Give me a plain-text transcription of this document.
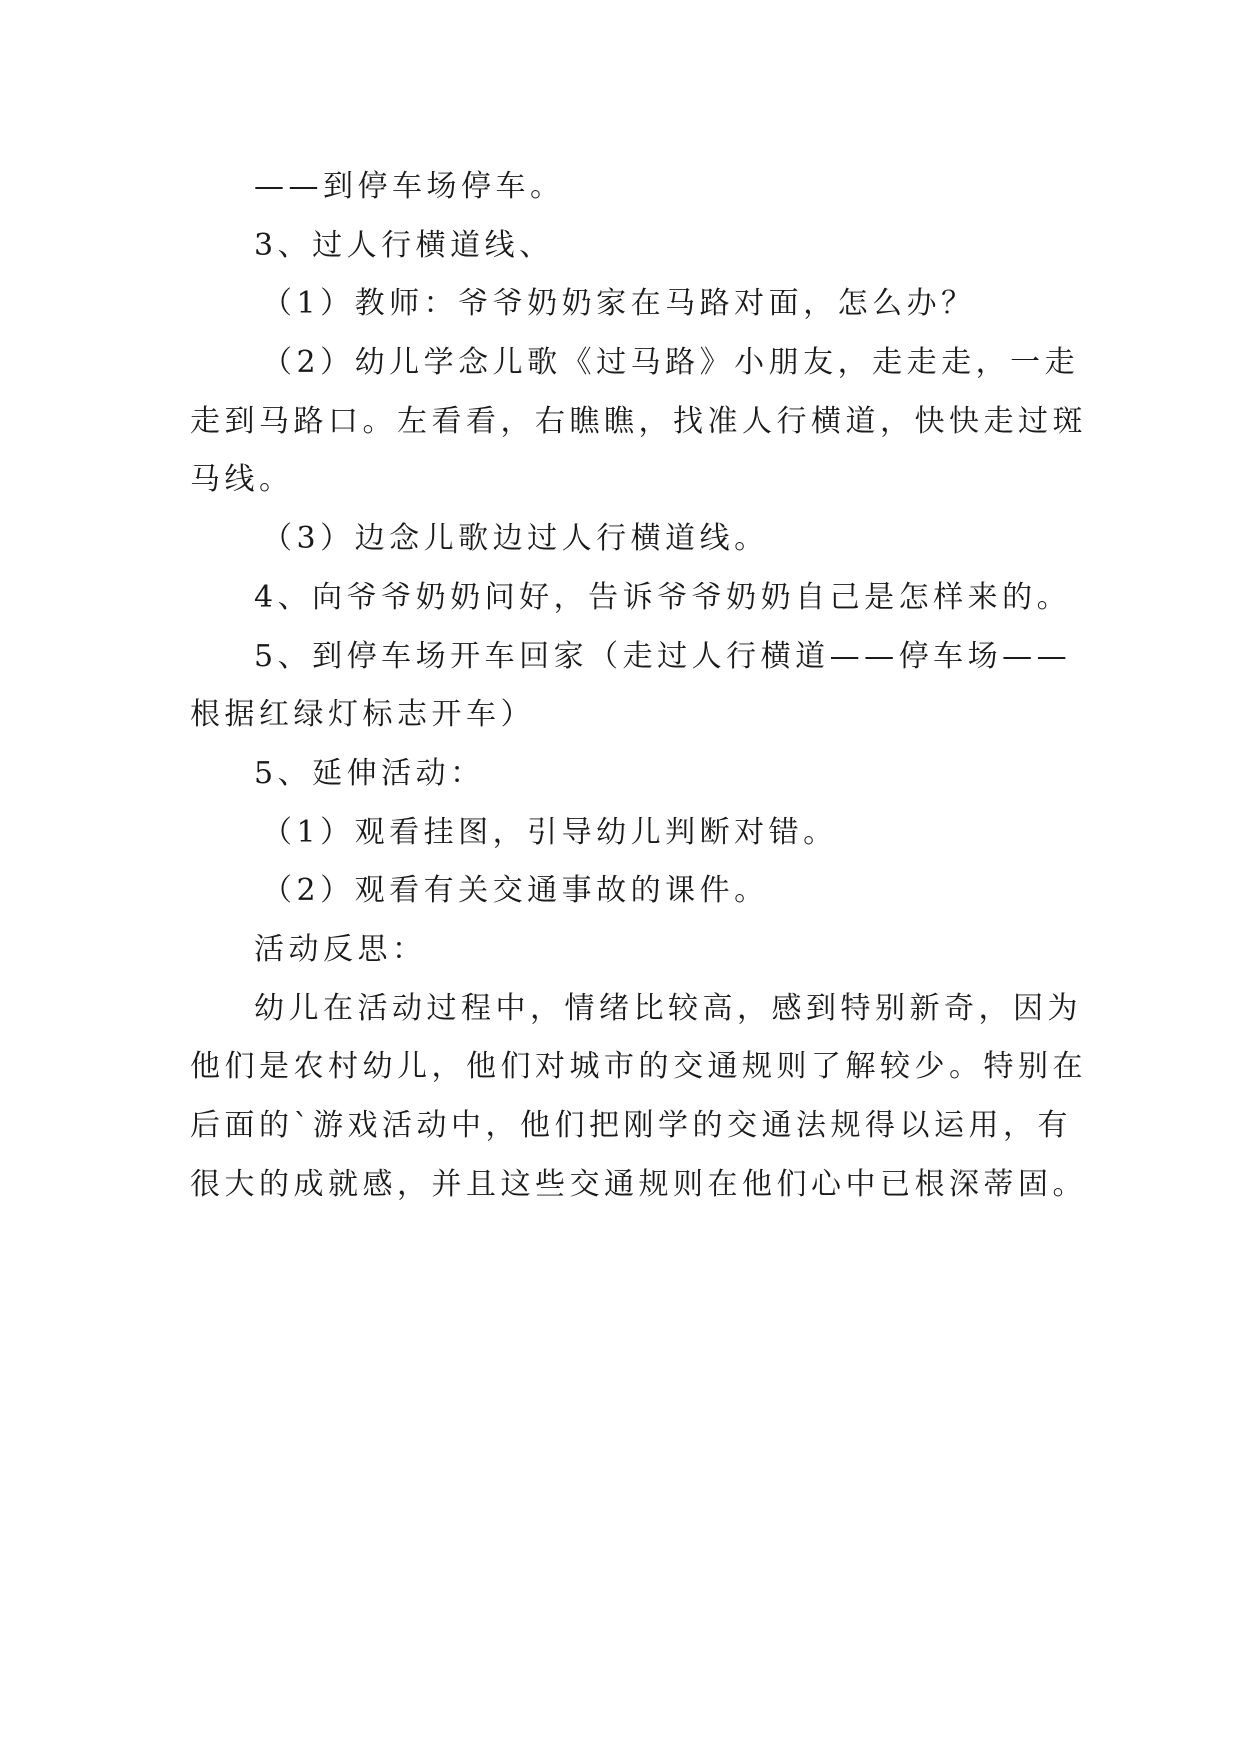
——到停车场停车。
3、过人行横道线、
（1）教师：爷爷奶奶家在马路对面，怎么办？
（2）幼儿学念儿歌《过马路》小朋友，走走走，一走
走到马路口。左看看，右瞧瞧，找准人行横道，快快走过斑
马线。
（3）边念儿歌边过人行横道线。
4、向爷爷奶奶问好，告诉爷爷奶奶自己是怎样来的。
5、到停车场开车回家（走过人行横道——停车场——
根据红绿灯标志开车）
5、延伸活动：
（1）观看挂图，引导幼儿判断对错。
（2）观看有关交通事故的课件。
活动反思：
幼儿在活动过程中，情绪比较高，感到特别新奇，因为
他们是农村幼儿，他们对城市的交通规则了解较少。特别在
后面的`游戏活动中，他们把刚学的交通法规得以运用，有
很大的成就感，并且这些交通规则在他们心中已根深蒂固。
